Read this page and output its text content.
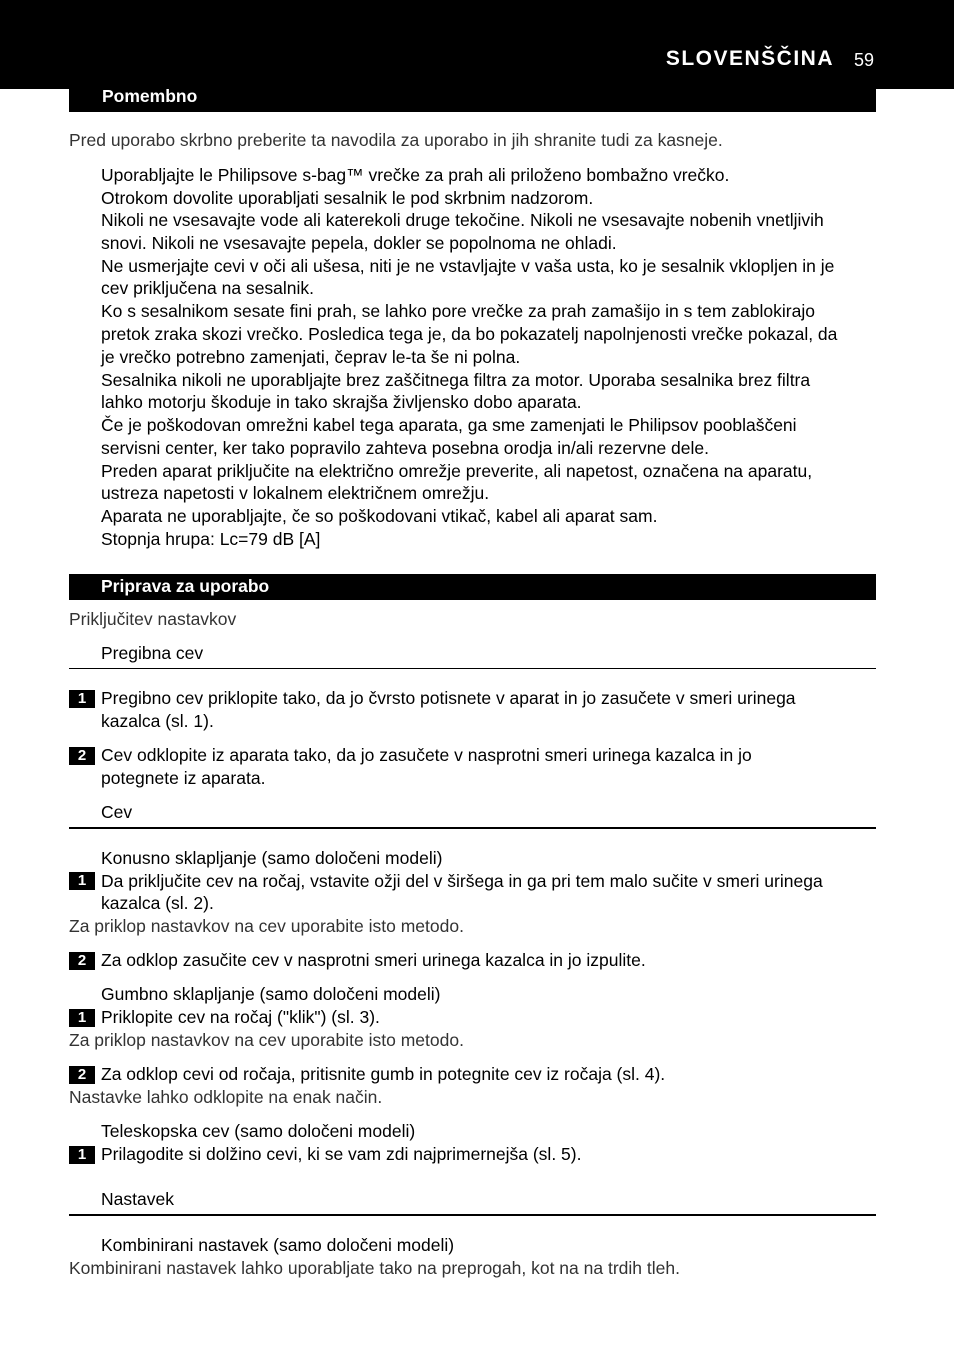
SLOVENŠČINA 59
Pomembno
Pred uporabo skrbno preberite ta navodila za uporabo in jih shranite tudi za kasneje.
Uporabljajte le Philipsove s-bag™ vrečke za prah ali priloženo bombažno vrečko.
Otrokom dovolite uporabljati sesalnik le pod skrbnim nadzorom.
Nikoli ne vsesavajte vode ali katerekoli druge tekočine. Nikoli ne vsesavajte nobenih vnetljivih
snovi. Nikoli ne vsesavajte pepela, dokler se popolnoma ne ohladi.
Ne usmerjajte cevi v oči ali ušesa, niti je ne vstavljajte v vaša usta, ko je sesalnik vklopljen in je
cev priključena na sesalnik.
Ko s sesalnikom sesate fini prah, se lahko pore vrečke za prah zamašijo in s tem zablokirajo
pretok zraka skozi vrečko. Posledica tega je, da bo pokazatelj napolnjenosti vrečke pokazal, da
je vrečko potrebno zamenjati, čeprav le-ta še ni polna.
Sesalnika nikoli ne uporabljajte brez zaščitnega filtra za motor. Uporaba sesalnika brez filtra
lahko motorju škoduje in tako skrajša življensko dobo aparata.
Če je poškodovan omrežni kabel tega aparata, ga sme zamenjati le Philipsov pooblaščeni
servisni center, ker tako popravilo zahteva posebna orodja in/ali rezervne dele.
Preden aparat priključite na električno omrežje preverite, ali napetost, označena na aparatu,
ustreza napetosti v lokalnem električnem omrežju.
Aparata ne uporabljajte, če so poškodovani vtikač, kabel ali aparat sam.
Stopnja hrupa: Lc=79 dB [A]
Priprava za uporabo
Priključitev nastavkov
Pregibna cev
1 Pregibno cev priklopite tako, da jo čvrsto potisnete v aparat in jo zasučete v smeri urinega
kazalca (sl. 1).
2 Cev odklopite iz aparata tako, da jo zasučete v nasprotni smeri urinega kazalca in jo
potegnete iz aparata.
Cev
Konusno sklapljanje (samo določeni modeli)
1 Da priključite cev na ročaj, vstavite ožji del v širšega in ga pri tem malo sučite v smeri urinega
kazalca (sl. 2).
Za priklop nastavkov na cev uporabite isto metodo.
2 Za odklop zasučite cev v nasprotni smeri urinega kazalca in jo izpulite.
Gumbno sklapljanje (samo določeni modeli)
1 Priklopite cev na ročaj ("klik") (sl. 3).
Za priklop nastavkov na cev uporabite isto metodo.
2 Za odklop cevi od ročaja, pritisnite gumb in potegnite cev iz ročaja (sl. 4).
Nastavke lahko odklopite na enak način.
Teleskopska cev (samo določeni modeli)
1 Prilagodite si dolžino cevi, ki se vam zdi najprimernejša (sl. 5).
Nastavek
Kombinirani nastavek (samo določeni modeli)
Kombinirani nastavek lahko uporabljate tako na preprogah, kot na na trdih tleh.
